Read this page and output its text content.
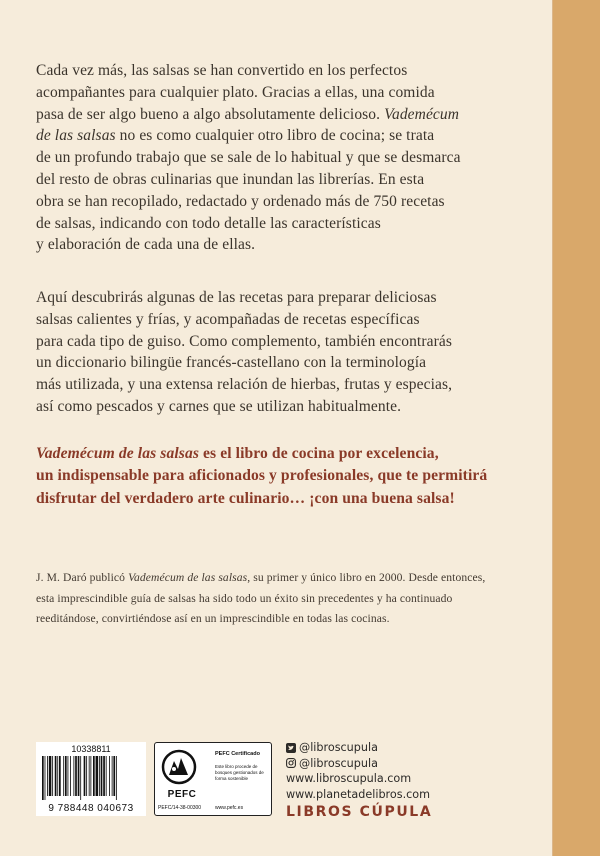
Cada vez más, las salsas se han convertido en los perfectos
acompañantes para cualquier plato. Gracias a ellas, una comida
pasa de ser algo bueno a algo absolutamente delicioso. Vademécum
de las salsas no es como cualquier otro libro de cocina; se trata
de un profundo trabajo que se sale de lo habitual y que se desmarca
del resto de obras culinarias que inundan las librerías. En esta
obra se han recopilado, redactado y ordenado más de 750 recetas
de salsas, indicando con todo detalle las características
y elaboración de cada una de ellas.
Aquí descubrirás algunas de las recetas para preparar deliciosas
salsas calientes y frías, y acompañadas de recetas específicas
para cada tipo de guiso. Como complemento, también encontrarás
un diccionario bilingüe francés-castellano con la terminología
más utilizada, y una extensa relación de hierbas, frutas y especias,
así como pescados y carnes que se utilizan habitualmente.
Vademécum de las salsas es el libro de cocina por excelencia,
un indispensable para aficionados y profesionales, que te permitirá
disfrutar del verdadero arte culinario… ¡con una buena salsa!
J. M. Daró publicó Vademécum de las salsas, su primer y único libro en 2000. Desde entonces,
esta imprescindible guía de salsas ha sido todo un éxito sin precedentes y ha continuado
reeditándose, convirtiéndose así en un imprescindible en todas las cocinas.
10338811
9 788448 040673
PEFC
PEFC/14-38-00300
PEFC Certificado
Este libro procede de bosques gestionados de forma sostenible
www.pefc.es
@libroscupula
@libroscupula
www.libroscupula.com
www.planetadelibros.com
LIBROS CÚPULA
